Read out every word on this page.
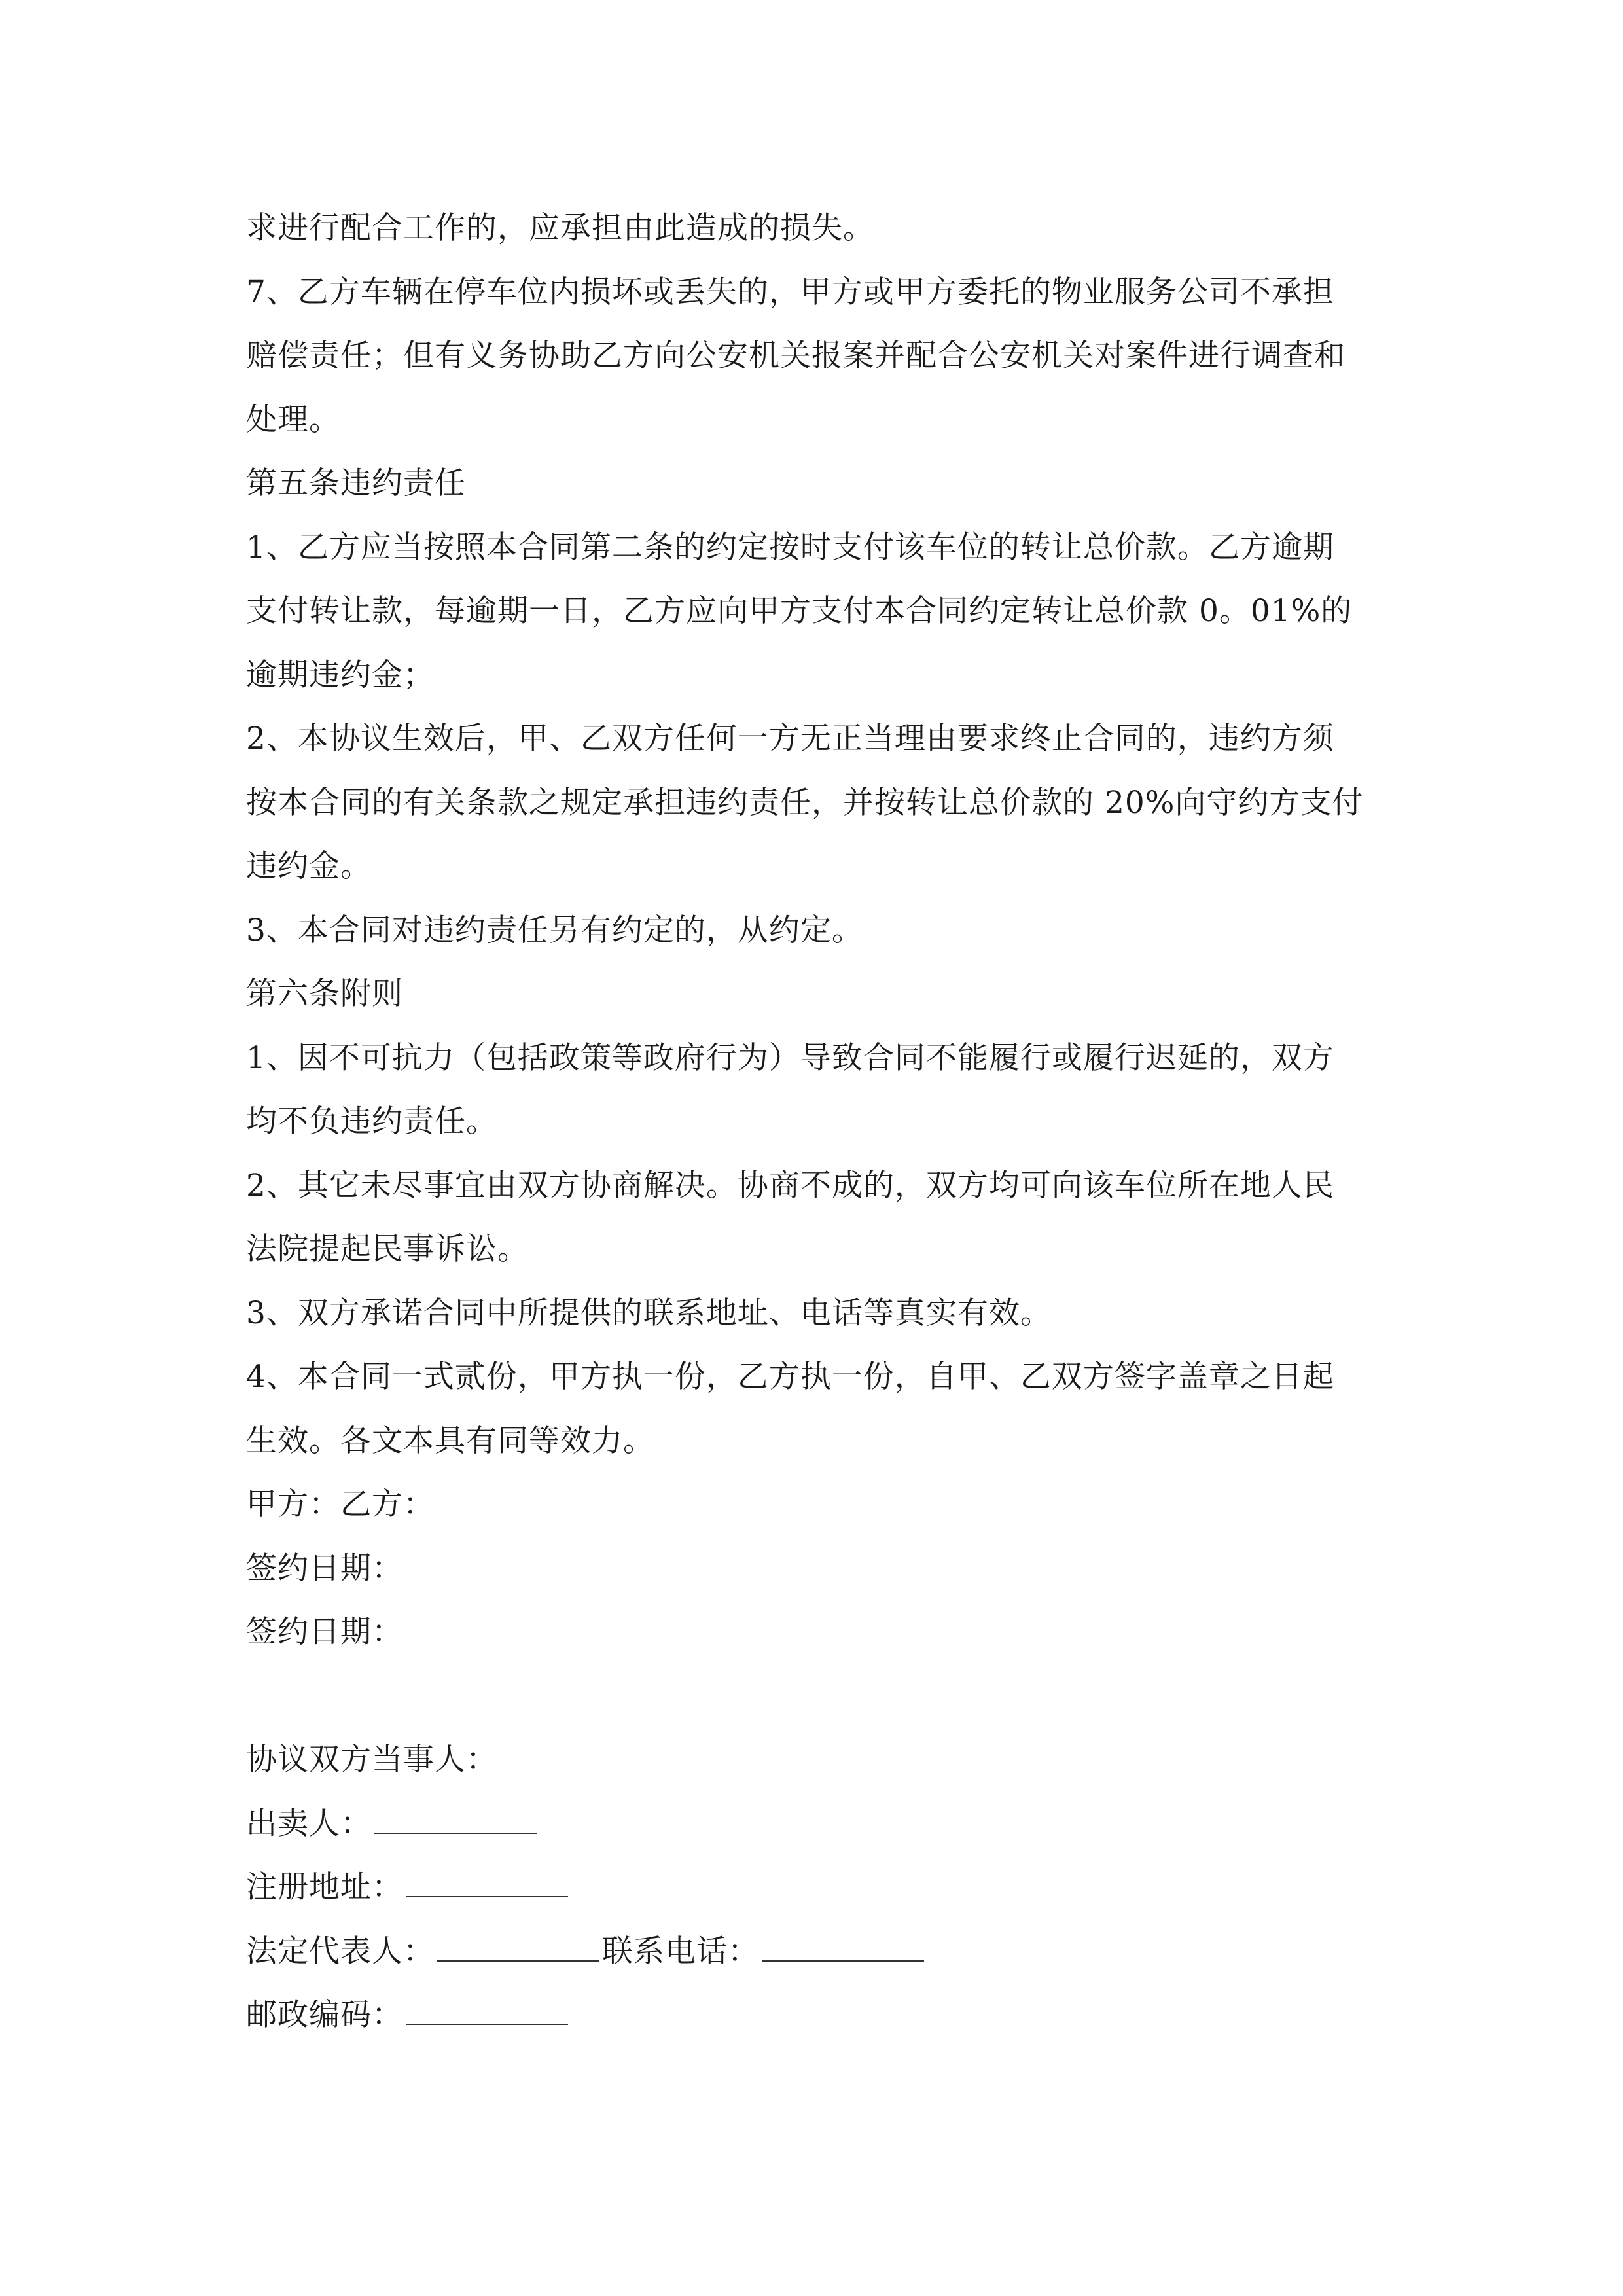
求进行配合工作的，应承担由此造成的损失。
7、乙方车辆在停车位内损坏或丢失的，甲方或甲方委托的物业服务公司不承担
赔偿责任；但有义务协助乙方向公安机关报案并配合公安机关对案件进行调查和
处理。
第五条违约责任
1、乙方应当按照本合同第二条的约定按时支付该车位的转让总价款。乙方逾期
支付转让款，每逾期一日，乙方应向甲方支付本合同约定转让总价款 0。01%的
逾期违约金；
2、本协议生效后，甲、乙双方任何一方无正当理由要求终止合同的，违约方须
按本合同的有关条款之规定承担违约责任，并按转让总价款的 20%向守约方支付
违约金。
3、本合同对违约责任另有约定的，从约定。
第六条附则
1、因不可抗力（包括政策等政府行为）导致合同不能履行或履行迟延的，双方
均不负违约责任。
2、其它未尽事宜由双方协商解决。协商不成的，双方均可向该车位所在地人民
法院提起民事诉讼。
3、双方承诺合同中所提供的联系地址、电话等真实有效。
4、本合同一式贰份，甲方执一份，乙方执一份，自甲、乙双方签字盖章之日起
生效。各文本具有同等效力。
甲方：乙方：
签约日期：
签约日期：
协议双方当事人：
出卖人：
注册地址：
法定代表人：	联系电话：
邮政编码：
